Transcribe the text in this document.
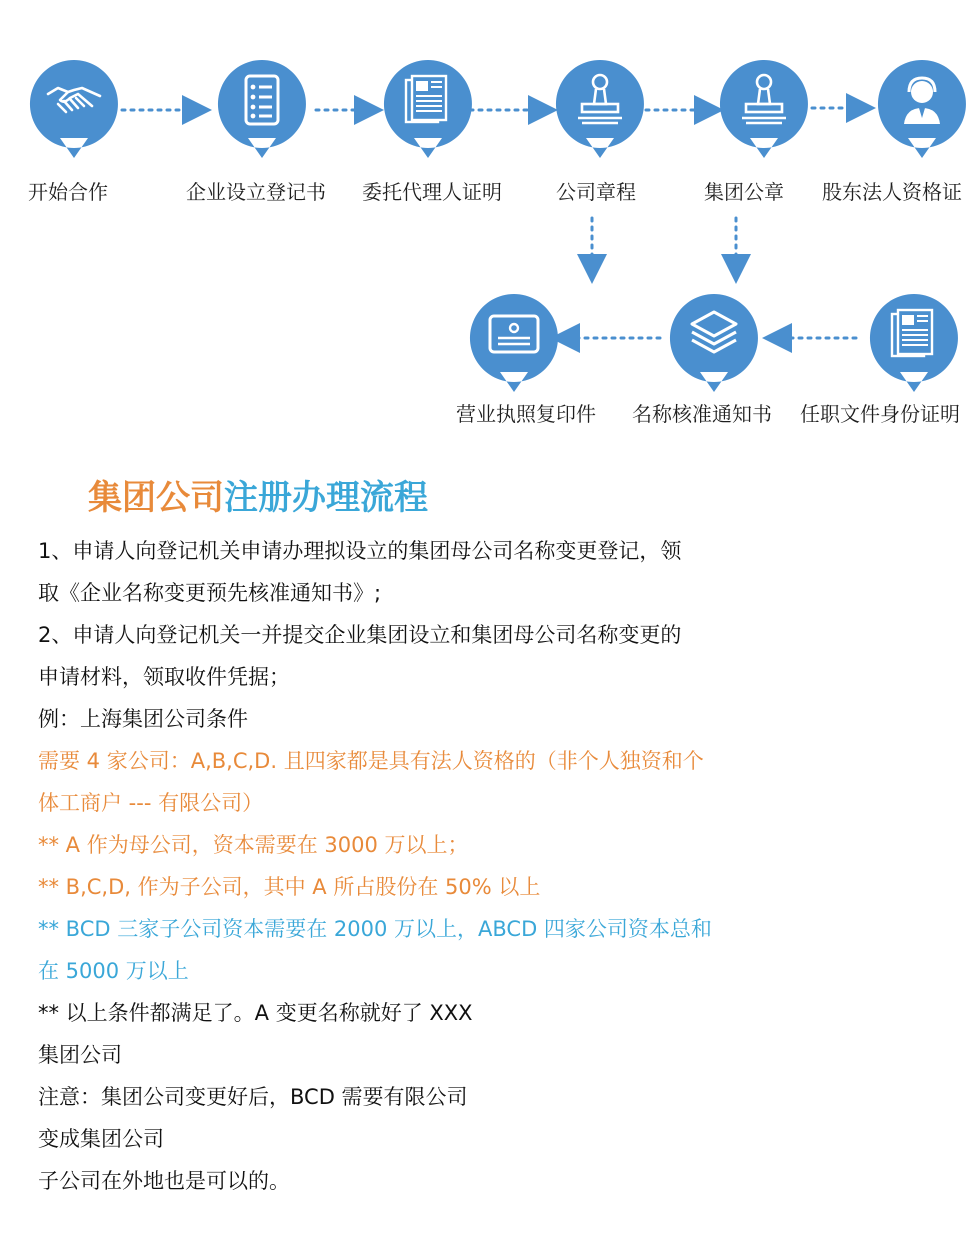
开始合作	企业设立登记书 委托代理人证明	公司章程	集团公章 股东法人资格证
营业执照复印件 名称核准通知书 任职文件身份证明
集团公司注册办理流程
1、申请人向登记机关申请办理拟设立的集团母公司名称变更登记，领
取《企业名称变更预先核准通知书》;
2、申请人向登记机关一并提交企业集团设立和集团母公司名称变更的
申请材料，领取收件凭据；
例：上海集团公司条件
需要 4 家公司：A,B,C,D. 且四家都是具有法人资格的（非个人独资和个
体工商户 --- 有限公司）
** A 作为母公司，资本需要在 3000 万以上；
** B,C,D, 作为子公司，其中 A 所占股份在 50% 以上
** BCD 三家子公司资本需要在 2000 万以上，ABCD 四家公司资本总和
在 5000 万以上
** 以上条件都满足了。A 变更名称就好了 XXX
集团公司
注意：集团公司变更好后，BCD 需要有限公司
变成集团公司
子公司在外地也是可以的。
